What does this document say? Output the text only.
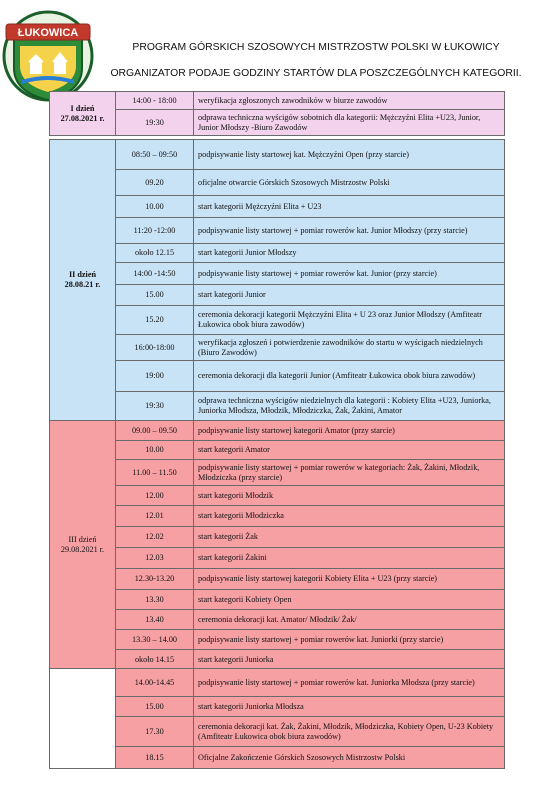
ŁUKOWICA
PROGRAM GÓRSKICH SZOSOWYCH MISTRZOSTW POLSKI W ŁUKOWICY
ORGANIZATOR PODAJE GODZINY STARTÓW DLA POSZCZEGÓLNYCH KATEGORII.
I dzień
27.08.2021 r.	14:00 - 18:00	weryfikacja zgłoszonych zawodników w biurze zawodów
	19:30	odprawa techniczna wyścigów sobotnich dla kategorii: Mężczyźni Elita +U23, Junior, Junior Młodszy -Biuro Zawodów
II dzień
28.08.21 r.	08:50 – 09:50	podpisywanie listy startowej kat. Mężczyźni Open (przy starcie)
	09.20	oficjalne otwarcie Górskich Szosowych Mistrzostw Polski
	10.00	start kategorii Mężczyźni Elita + U23
	11:20 -12:00	podpisywanie listy startowej + pomiar rowerów kat. Junior Młodszy (przy starcie)
	około 12.15	start kategorii Junior Młodszy
	14:00 -14:50	podpisywanie listy startowej + pomiar rowerów kat. Junior (przy starcie)
	15.00	start kategorii Junior
	15.20	ceremonia dekoracji kategorii Mężczyźni Elita + U 23 oraz Junior Młodszy (Amfiteatr Łukowica obok biura zawodów)
	16:00-18:00	weryfikacja zgłoszeń i potwierdzenie zawodników do startu w wyścigach niedzielnych (Biuro Zawodów)
	19:00	ceremonia dekoracji dla kategorii Junior (Amfiteatr Łukowica obok biura zawodów)
	19:30	odprawa techniczna wyścigów niedzielnych dla kategorii : Kobiety Elita +U23, Juniorka, Juniorka Młodsza, Młodzik, Młodziczka, Żak, Żakini, Amator
III dzień
29.08.2021 r.	09.00 – 09.50	podpisywanie listy startowej kategorii Amator (przy starcie)
	10.00	start kategorii Amator
	11.00 – 11.50	podpisywanie listy startowej + pomiar rowerów w kategoriach: Żak, Żakini, Młodzik, Młodziczka (przy starcie)
	12.00	start kategorii Młodzik
	12.01	start kategorii Młodziczka
	12.02	start kategorii Żak
	12.03	start kategorii Żakini
	12.30-13.20	podpisywanie listy startowej kategorii Kobiety Elita + U23 (przy starcie)
	13.30	start kategorii Kobiety Open
	13.40	ceremonia dekoracji kat. Amator/ Młodzik/ Żak/
	13.30 – 14.00	podpisywanie listy startowej + pomiar rowerów kat. Juniorki (przy starcie)
	około 14.15	start kategorii Juniorka
	14.00-14.45	podpisywanie listy startowej + pomiar rowerów kat. Juniorka Młodsza (przy starcie)
	15.00	start kategorii Juniorka Młodsza
	17.30	ceremonia dekoracji kat. Żak, Żakini, Młodzik, Młodziczka, Kobiety Open, U-23 Kobiety (Amfiteatr Łukowica obok biura zawodów)
	18.15	Oficjalne Zakończenie Górskich Szosowych Mistrzostw Polski
